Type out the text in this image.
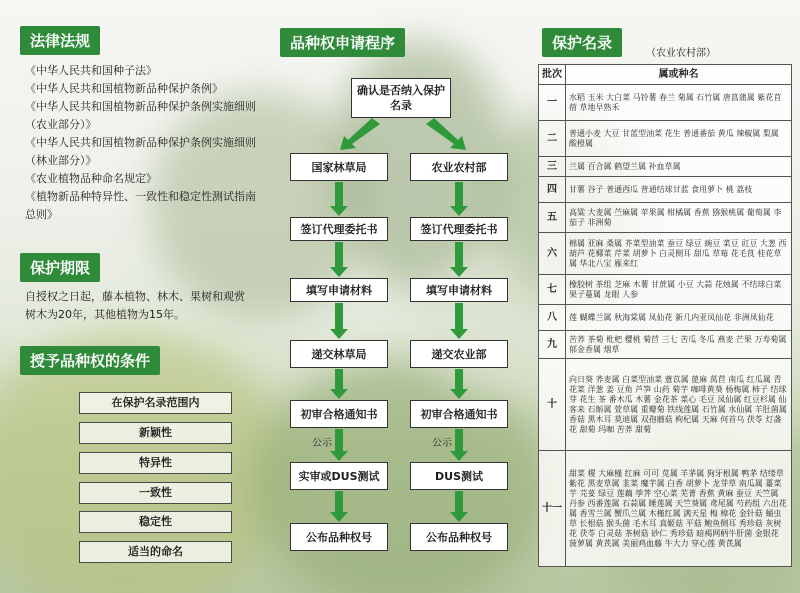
法律法规
《中华人民共和国种子法》
《中华人民共和国植物新品种保护条例》
《中华人民共和国植物新品种保护条例实施细则（农业部分）》
《中华人民共和国植物新品种保护条例实施细则（林业部分）》
《农业植物品种命名规定》
《植物新品种特异性、一致性和稳定性测试指南 总则》
保护期限
自授权之日起，藤本植物、林木、果树和观赏树木为20年，其他植物为15年。
授予品种权的条件
在保护名录范围内
新颖性
特异性
一致性
稳定性
适当的命名
品种权申请程序
确认是否纳入保护名录
国家林草局
签订代理委托书
填写申请材料
递交林草局
初审合格通知书
实审或DUS测试
公布品种权号
农业农村部
签订代理委托书
填写申请材料
递交农业部
初审合格通知书
DUS测试
公布品种权号
公示	公示
保护名录
（农业农村部）
批次	属或种名
一	水稻 玉米 大白菜 马铃薯 春兰 菊属 石竹属 唐菖蒲属 紫花苜蓿 草地早熟禾
二	普通小麦 大豆 甘蓝型油菜 花生 普通番茄 黄瓜 辣椒属 梨属 酸橙属
三	兰属 百合属 鹤望兰属 补血草属
四	甘薯 谷子 普通西瓜 普通结球甘蓝 食用萝卜 桃 荔枝
五	高粱 大麦属 苎麻属 苹果属 柑橘属 香蕉 猕猴桃属 葡萄属 李 茄子 非洲菊
六	棉属 亚麻 桑属 芥菜型油菜 蚕豆 绿豆 豌豆 菜豆 豇豆 大葱 西葫芦 花椰菜 芹菜 胡萝卜 白灵侧耳 甜瓜 草莓 花毛茛 桂花草属 华北八宝 雁来红
七	橡胶树 茶组 芝麻 木薯 甘蔗属 小豆 大蒜 花烛属 不结球白菜 果子蔓属 龙眼 人参
八	莲 蝴蝶兰属 秋海棠属 凤仙花 新几内亚凤仙花 非洲凤仙花
九	苦荞 茶菊 枇杷 樱桃 菊苣 三七 苦瓜 冬瓜 燕麦 芒果 万寿菊属 郁金香属 烟草
十	向日葵 荞麦属 白菜型油菜 薏苡属 蓖麻 莴苣 南瓜 红瓜属 青花菜 洋葱 姜 豆角 芦笋 山药 菊芋 咖啡黄葵 杨梅属 柿子 结球芽 花生 茶 番木瓜 木薯 金花茶 菜心 毛豆 凤仙属 红豆杉属 仙客来 石斛属 萱草属 重瓣菊 铁线莲属 石竹属 水仙属 羊肚菌属 香菇 黑木耳 莫迪属 双孢蘑菇 枸杞属 天麻 何首乌 茯苓 灯盏花 甜菊 玛咖 苦荞 甜菊
十一	甜菜 稷 大麻槿 红麻 可可 苋属 羊茅属 狗牙根属 鸭茅 结缕草 紫花 黑麦草属 韭菜 魔芋属 白香 胡萝卜 龙芽草 南瓜属 薹菜 芋 芫荽 绿豆 莲藕 荸荠 空心菜 芜菁 香蕉 黄麻 蚕豆 天竺属 丹参 西番莲属 石蒜属 睡莲属 天竺葵属 鸢尾属 芍药组 六出花属 香雪兰属 蟹爪兰属 木槿红属 满天星 梅 樟花 金针菇 蛹虫草 长根菇 猴头菌 毛木耳 真姬菇 平菇 鲍鱼侧耳 秀珍菇 灰树花 茯苓 白灵菇 茶树菇 砂仁 秀珍菇 暗褐网柄牛肝菌 金银花 菠萝属 黄芪属 美丽鸡血藤 牛大力 穿心莲 黄芪属
